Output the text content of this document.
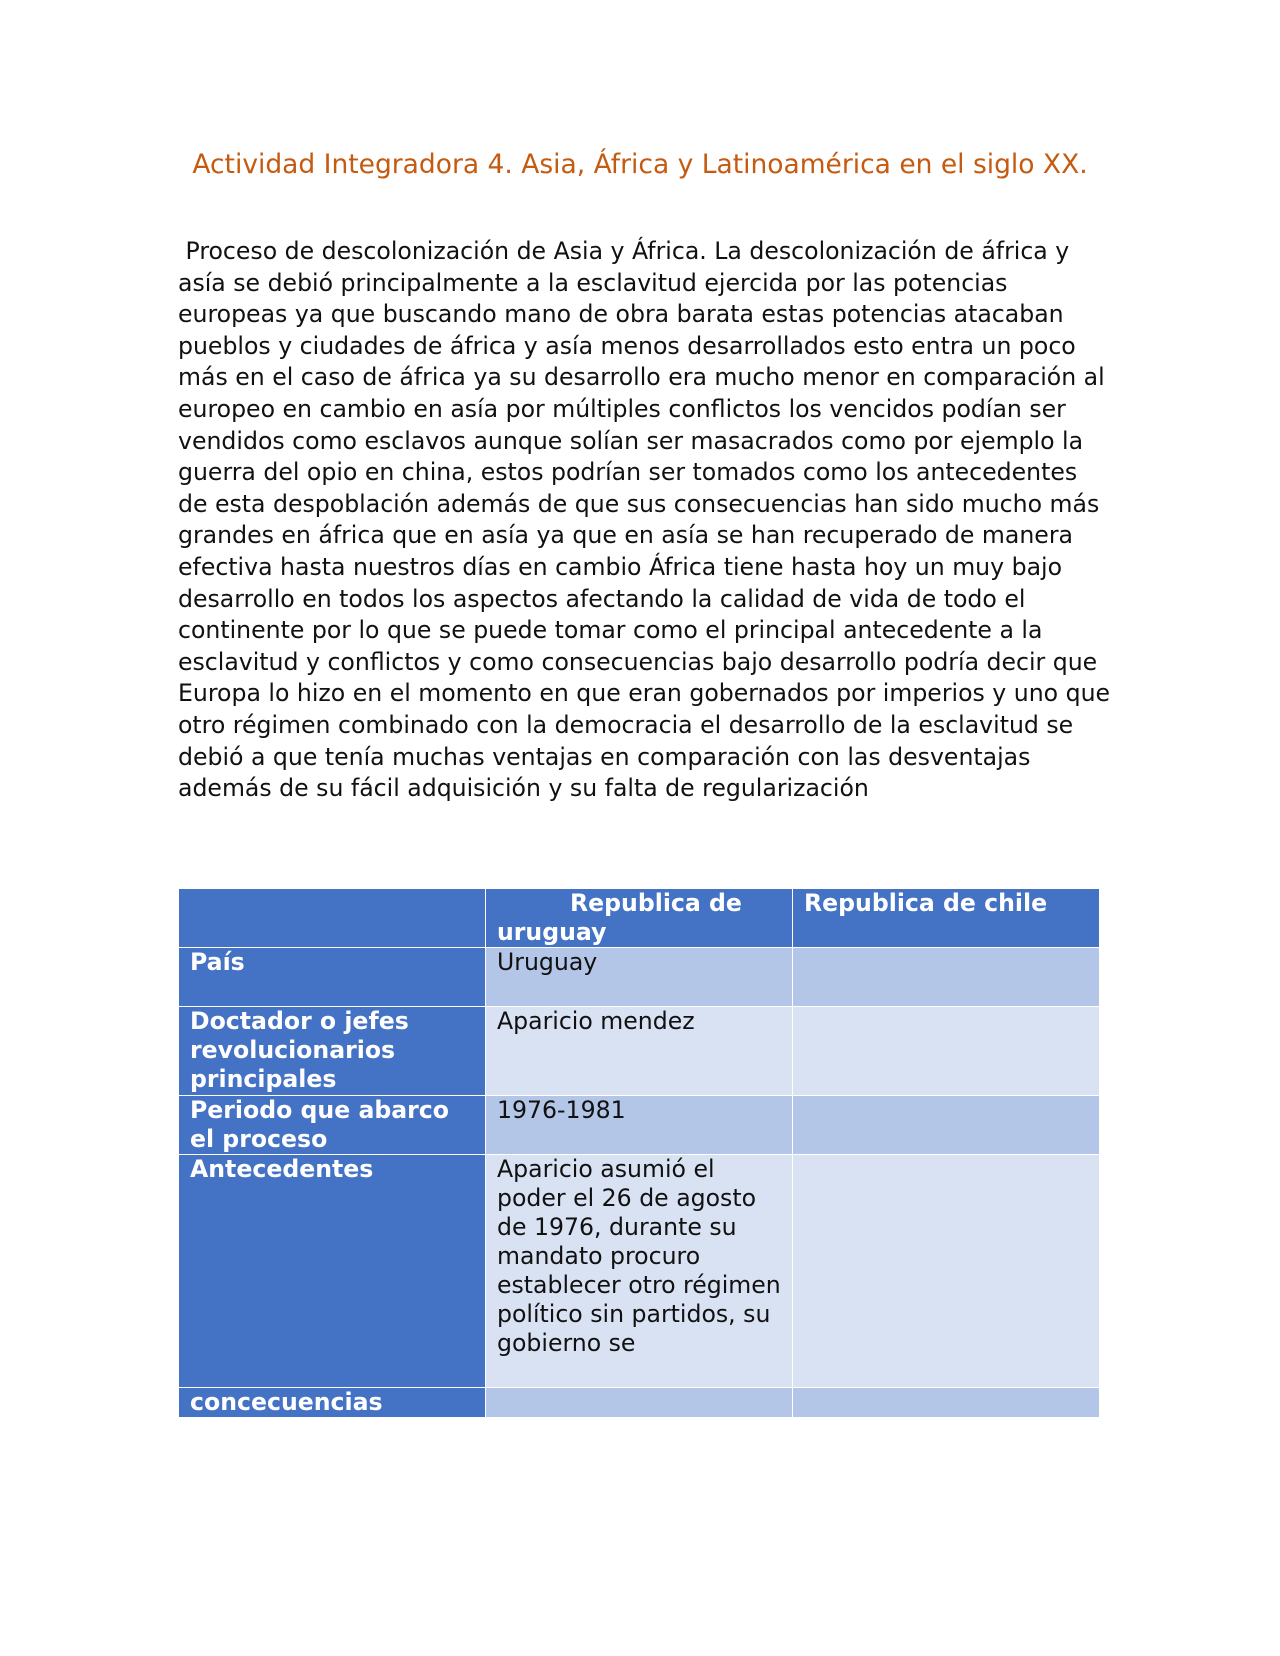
Actividad Integradora 4. Asia, África y Latinoamérica en el siglo XX.

Proceso de descolonización de Asia y África. La descolonización de áfrica y asía se debió principalmente a la esclavitud ejercida por las potencias europeas ya que buscando mano de obra barata estas potencias atacaban pueblos y ciudades de áfrica y asía menos desarrollados esto entra un poco más en el caso de áfrica ya su desarrollo era mucho menor en comparación al europeo en cambio en asía por múltiples conflictos los vencidos podían ser vendidos como esclavos aunque solían ser masacrados como por ejemplo la guerra del opio en china, estos podrían ser tomados como los antecedentes de esta despoblación además de que sus consecuencias han sido mucho más grandes en áfrica que en asía ya que en asía se han recuperado de manera efectiva hasta nuestros días en cambio África tiene hasta hoy un muy bajo desarrollo en todos los aspectos afectando la calidad de vida de todo el continente por lo que se puede tomar como el principal antecedente a la esclavitud y conflictos y como consecuencias bajo desarrollo podría decir que Europa lo hizo en el momento en que eran gobernados por imperios y uno que otro régimen combinado con la democracia el desarrollo de la esclavitud se debió a que tenía muchas ventajas en comparación con las desventajas además de su fácil adquisición y su falta de regularización

	Republica de uruguay	Republica de chile
País	Uruguay	
Doctador o jefes revolucionarios principales	Aparicio mendez	
Periodo que abarco el proceso	1976-1981	
Antecedentes	Aparicio asumió el poder el 26 de agosto de 1976, durante su mandato procuro establecer otro régimen político sin partidos, su gobierno se	
concecuencias		
